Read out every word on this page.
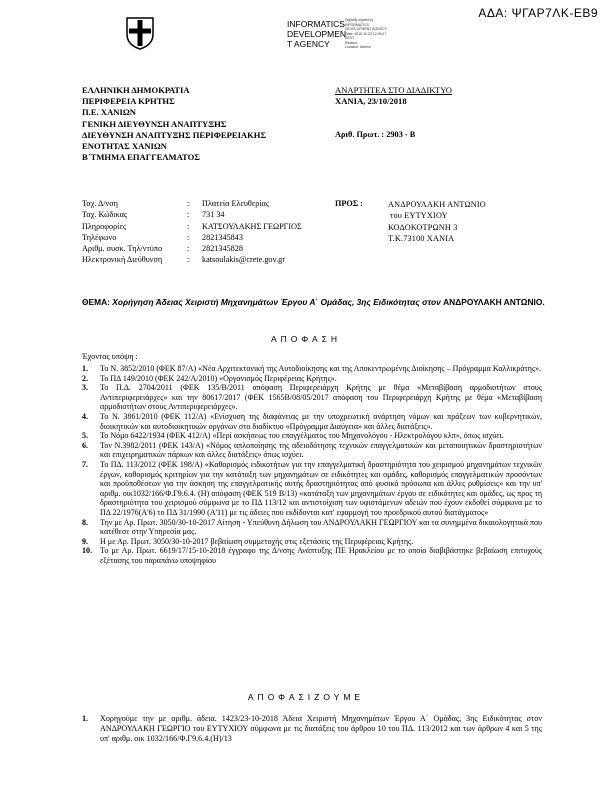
ΑΔΑ: ΨΓΑΡ7ΛΚ-ΕΒ9
INFORMATICS
DEVELOPMEN
T AGENCY
Digitally signed by
INFORMATICS
DEVELOPMENT AGENCY
Date: 2018.10.23 12:06:17
EEST
Reason:
Location: Athens
ΕΛΛΗΝΙΚΗ ΔΗΜΟΚΡΑΤΙΑ
ΠΕΡΙΦΕΡΕΙΑ ΚΡΗΤΗΣ
Π.Ε. ΧΑΝΙΩΝ
ΓΕΝΙΚΗ ΔΙΕΥΘΥΝΣΗ ΑΝΑΠΤΥΞΗΣ
ΔΙΕΥΘΥΝΣΗ ΑΝΑΠΤΥΞΗΣ ΠΕΡΙΦΕΡΕΙΑΚΗΣ
ΕΝΟΤΗΤΑΣ ΧΑΝΙΩΝ
Β΄ΤΜΗΜΑ ΕΠΑΓΓΕΛΜΑΤΟΣ
ΑΝΑΡΤΗΤΕΑ ΣΤΟ ΔΙΑΔΙΚΤΥΟ
ΧΑΝΙΑ, 23/10/2018
Αριθ. Πρωτ. : 2903 - Β
Ταχ. Δ/νση	:	Πλατεία Ελευθερίας
Ταχ. Κώδικας	:	731 34
Πληροφορίες	:	ΚΑΤΣΟΥΛΑΚΗΣ ΓΕΩΡΓΙΟΣ
Τηλέφωνο	:	2821345843
Αριθμ. συσκ. Τηλ/ντύπο	:	2821345828
Ηλεκτρονική Διεύθυνση	:	katsoulakis@crete.gov.gr
ΠΡΟΣ :	ΑΝΔΡΟΥΛΑΚΗ ΑΝΤΩΝΙΟ
του ΕΥΤΥΧΙΟΥ
ΚΟΔΟΚΟΤΡΩΝΗ 3
Τ.Κ.73100 ΧΑΝΙΑ
ΘΕΜΑ: Χορήγηση Άδειας Χειριστή Μηχανημάτων Έργου Α΄ Ομάδας, 3ης Ειδικότητας στον ΑΝΔΡΟΥΛΑΚΗ ΑΝΤΩΝΙΟ.
ΑΠΟΦΑΣΗ
Έχοντας υπόψη :
1.	Το Ν. 3852/2010 (ΦΕΚ 87/Α) «Νέα Αρχιτεκτονική της Αυτοδιοίκησης και της Αποκεντρωμένης Διοίκησης – Πρόγραμμα Καλλικράτης».
2.	Το ΠΔ 149/2010 (ΦΕΚ 242/Α/2010) «Οργανισμός Περιφέρειας Κρήτης».
3.	Το Π.Δ. 2704/2011 (ΦΕΚ 135/Β/2011 απόφαση Περιφερειάρχη Κρήτης με θέμα «Μεταβίβαση αρμοδιοτήτων στους Αντιπεριφερειάρχες» και την 80617/2017 (ΦΕΚ 1565Β/08/05/2017 απόφαση του Περιφερειάρχη Κρήτης με θέμα «Μεταβίβαση αρμοδιοτήτων στους Αντιπεριφερειάρχες».
4.	Το Ν. 3861/2010 (ΦΕΚ 112/Α) «Ενίσχυση της διαφάνειας με την υποχρεωτική ανάρτηση νόμων και πράξεων των κυβερνητικών, διοικητικών και αυτοδιοικητικών οργάνων στο διαδίκτυο «Πρόγραμμα Διαύγεια» και άλλες διατάξεις».
5.	Το Νόμο 6422/1934 (ΦΕΚ 412/Α) «Περί ασκήσεως του επαγγέλματος του Μηχανολόγου - Ηλεκτρολόγου κλπ», όπως ισχύει.
6.	Τον Ν.3982/2011 (ΦΕΚ 143/Α) «Νόμος απλοποίησης της αδειοδότησης τεχνικών επαγγελματικών και μεταποιητικών δραστηριοτήτων και επιχειρηματικών πάρκων και άλλες διατάξεις» όπως ισχύει.
7.	Το ΠΔ. 113/2012 (ΦΕΚ 198/Α) «Καθορισμός ειδικοτήτων για την επαγγελματική δραστηριότητα του χειρισμού μηχανημάτων τεχνικών έργων, καθορισμός κριτηρίων για την κατάταξη των μηχανημάτων σε ειδικότητες και ομάδες, καθορισμός επαγγελματικών προσόντων και προϋποθέσεων για την άσκηση της επαγγελματικής αυτής δραστηριότητας από φυσικά πρόσωπα και άλλες ρυθμίσεις» και την υπ' αριθμ. οικ1032/166/Φ.Γ9.6.4. (Η) απόφαση (ΦΕΚ 519 Β/13) «κατάταξη των μηχανημάτων έργου σε ειδικότητες και ομάδες, ως προς τη δραστηριότητα του χειρισμού σύμφωνα με το ΠΔ 113/12 και αντιστοίχιση των υφιστάμενων αδειών που έχουν εκδοθεί σύμφωνα με το ΠΔ 22/1976(Α'6) το ΠΔ 31/1990 (Α'11) με τις άδειες που εκδίδονται κατ' εφαρμογή του προεδρικού αυτού διατάγματος»
8.	Την με Αρ. Πρωτ. 3050/30-10-2017 Αίτηση - Υπεύθυνη Δήλωση του ΑΝΔΡΟΥΛΑΚΗ ΓΕΩΡΓΙΟΥ και τα συνημμένα δικαιολογητικά που κατέθεσε στην Υπηρεσία μας.
9.	Η με Αρ. Πρωτ. 3050/30-10-2017 βεβαίωση συμμετοχής στις εξετάσεις της Περιφέρειας Κρήτης.
10.	Το με Αρ. Πρωτ. 6619/17/15-10-2018 έγγραφο της Δ/νσης Ανάπτυξης ΠΕ Ηρακλείου με το οποίο διαβιβάστηκε βεβαίωση επιτυχούς εξέτασης του παραπάνω υποψηφίου
ΑΠΟΦΑΣΙΖΟΥΜΕ
1.	Χορηγούμε την με αριθμ. άδεια. 1423/23-10-2018 Άδεια Χειριστή Μηχανημάτων Έργου Α΄ Ομάδας, 3ης Ειδικότητας στον ΑΝΔΡΟΥΛΑΚΗ ΓΕΩΡΓΙΟ του ΕΥΤΥΧΙΟΥ σύμφωνα με τις διατάξεις του άρθρου 10 του ΠΔ. 113/2012 και των άρθρων 4 και 5 της υπ' αριθμ. οικ 1032/166/Φ.Γ9.6.4.(Η)/13
